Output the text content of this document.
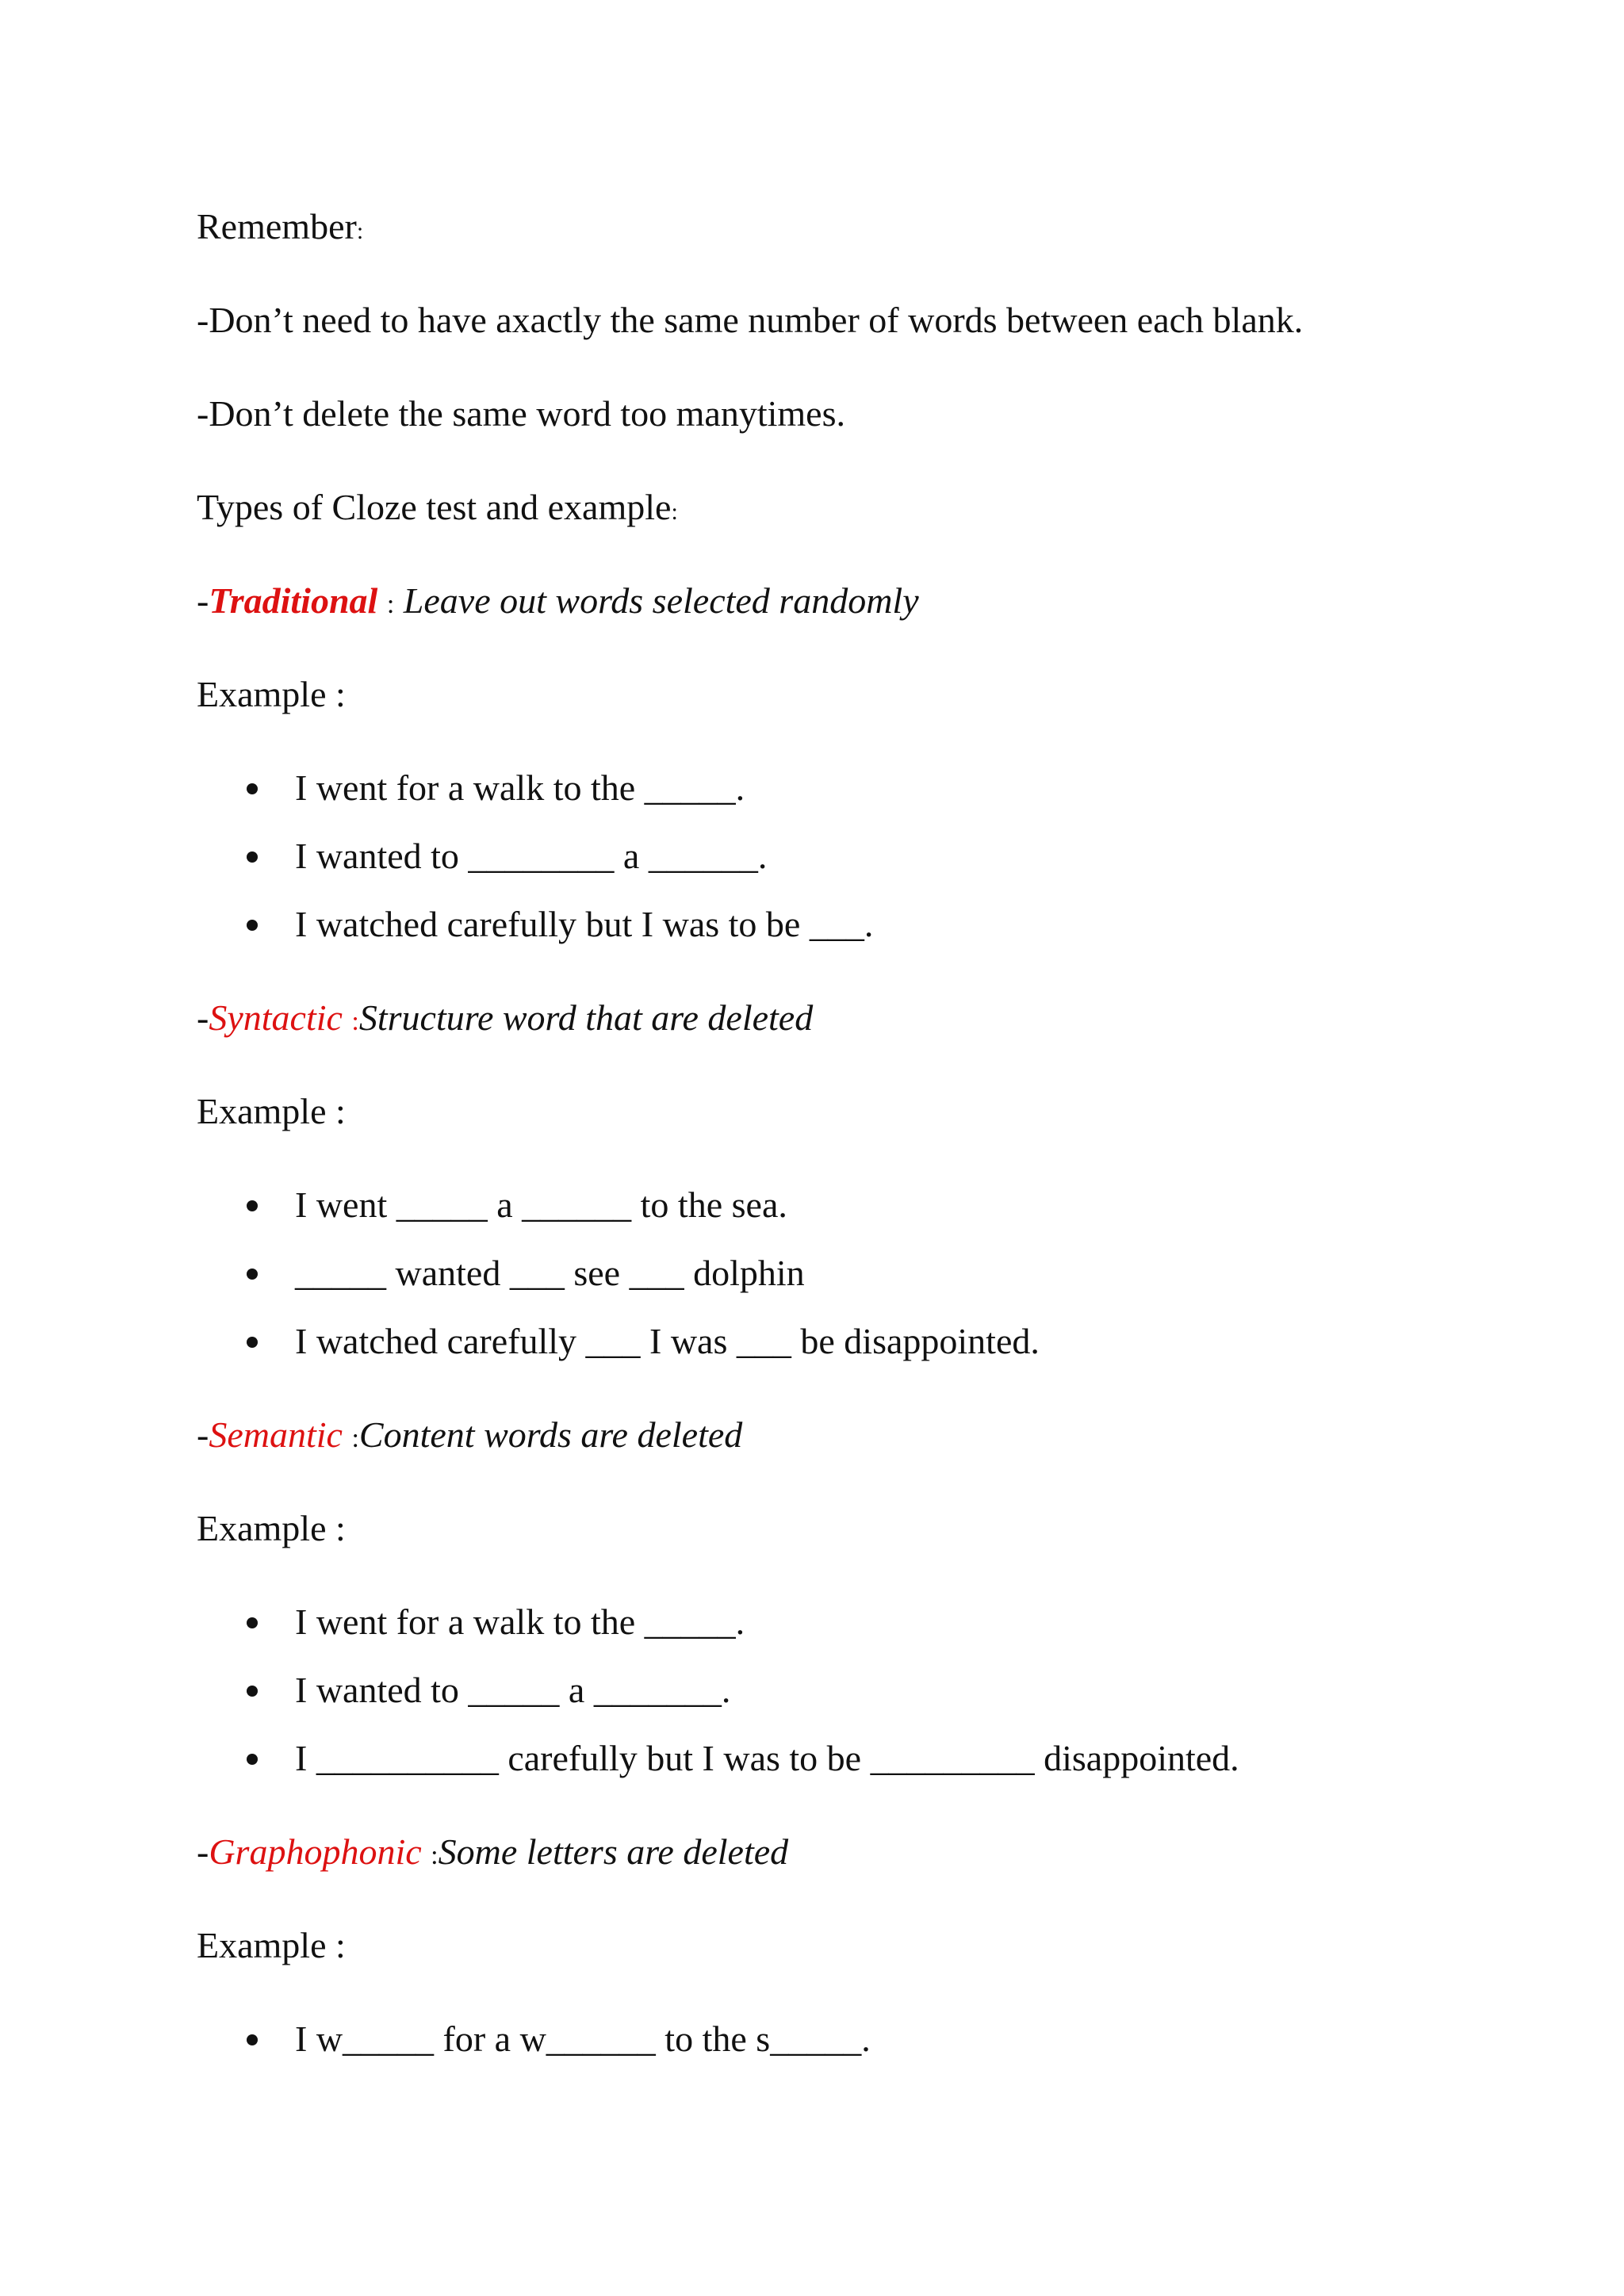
Remember:
-Don’t need to have axactly the same number of words between each blank.
-Don’t delete the same word too manytimes.
Types of Cloze test and example:
-Traditional : Leave out words selected randomly
Example :
I went for a walk to the _____.
I wanted to ________ a ______.
I watched carefully but I was to be ___.
-Syntactic :Structure word that are deleted
Example :
I went _____ a ______ to the sea.
_____ wanted ___ see ___ dolphin
I watched carefully ___ I was ___ be disappointed.
-Semantic :Content words are deleted
Example :
I went for a walk to the _____.
I wanted to _____ a _______.
I __________ carefully but I was to be _________ disappointed.
-Graphophonic :Some letters are deleted
Example :
I w_____ for a w______ to the s_____.
